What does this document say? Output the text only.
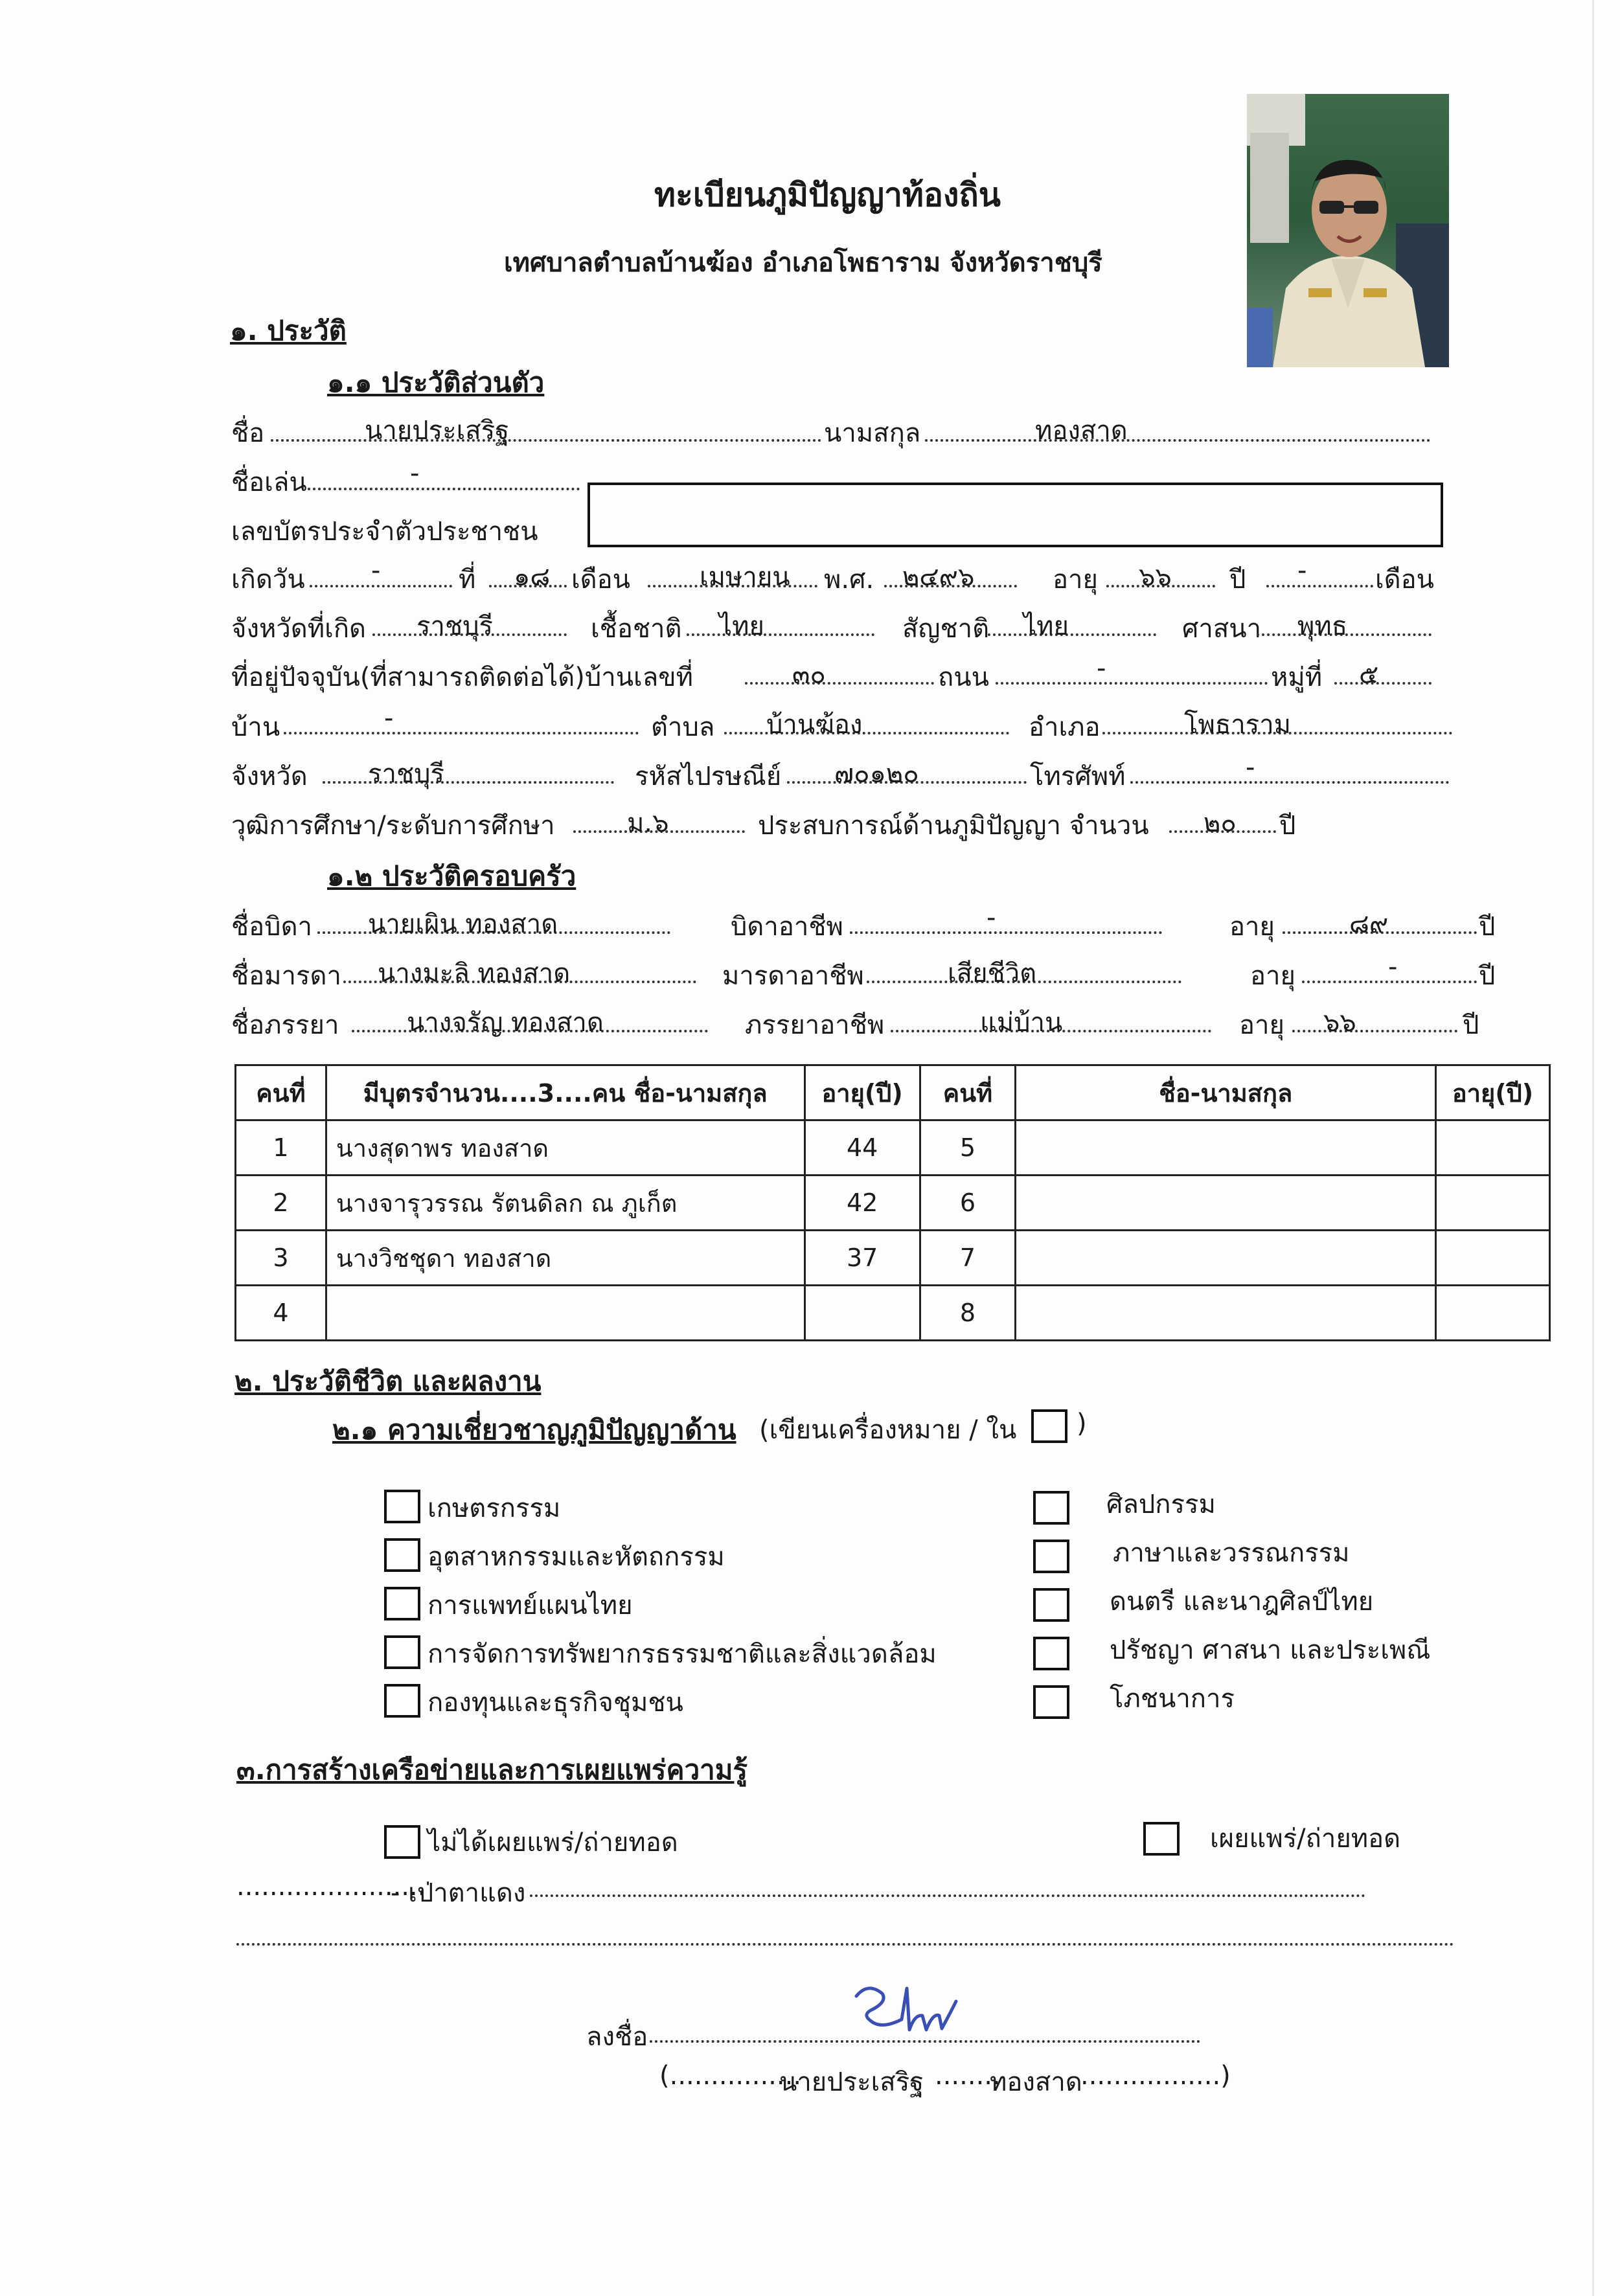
ทะเบียนภูมิปัญญาท้องถิ่น
เทศบาลตำบลบ้านฆ้อง อำเภอโพธาราม จังหวัดราชบุรี
๑. ประวัติ
๑.๑ ประวัติส่วนตัว
ชื่อ	นายประเสริฐ	นามสกุล	ทองสาด
ชื่อเล่น	-
เลขบัตรประจำตัวประชาชน
เกิดวัน	-	ที่ ๑๘ เดือน	เมษายน พ.ศ. ๒๔๙๖	อายุ ๖๖ ปี -	เดือน
จังหวัดที่เกิด ราชบุรี	เชื้อชาติ ไทย	สัญชาติ ไทย	ศาสนา พุทธ
ที่อยู่ปัจจุบัน(ที่สามารถติดต่อได้)บ้านเลขที่	๓๐	ถนน	-	หมู่ที่ ๕
บ้าน	-	ตำบล บ้านฆ้อง	อำเภอ	โพธาราม
จังหวัด ราชบุรี	รหัสไปรษณีย์ ๗๐๑๒๐	โทรศัพท์	-
วุฒิการศึกษา/ระดับการศึกษา	ม.๖	ประสบการณ์ด้านภูมิปัญญา จำนวน ๒๐ ปี
๑.๒ ประวัติครอบครัว
ชื่อบิดา นายเผิน ทองสาด	บิดาอาชีพ	-	อายุ	๘๙	ปี
ชื่อมารดา นางมะลิ ทองสาด	มารดาอาชีพ	เสียชีวิต	อายุ	-	ปี
ชื่อภรรยา	นางจรัญ ทองสาด	ภรรยาอาชีพ	แม่บ้าน	อายุ ๖๖	ปี
คนที่	มีบุตรจำนวน....3....คน ชื่อ-นามสกุล	อายุ(ปี)	คนที่	ชื่อ-นามสกุล	อายุ(ปี)
1	นางสุดาพร ทองสาด	44	5		
2	นางจารุวรรณ รัตนดิลก ณ ภูเก็ต	42	6		
3	นางวิชชุดา ทองสาด	37	7		
4			8		
๒. ประวัติชีวิต และผลงาน
๒.๑ ความเชี่ยวชาญภูมิปัญญาด้าน (เขียนเครื่องหมาย / ใน )
เกษตรกรรม
อุตสาหกรรมและหัตถกรรม
การแพทย์แผนไทย
การจัดการทรัพยากรธรรมชาติและสิ่งแวดล้อม
กองทุนและธุรกิจชุมชน
ศิลปกรรม
ภาษาและวรรณกรรม
ดนตรี และนาฎศิลป์ไทย
ปรัชญา ศาสนา และประเพณี
โภชนาการ
๓.การสร้างเครือข่ายและการเผยแพร่ความรู้
ไม่ได้เผยแพร่/ถ่ายทอด	เผยแพร่/ถ่ายทอด
.......................
- เป่าตาแดง
ลงชื่อ
(................
นายประเสริฐ ........
ทองสาด
.................)
